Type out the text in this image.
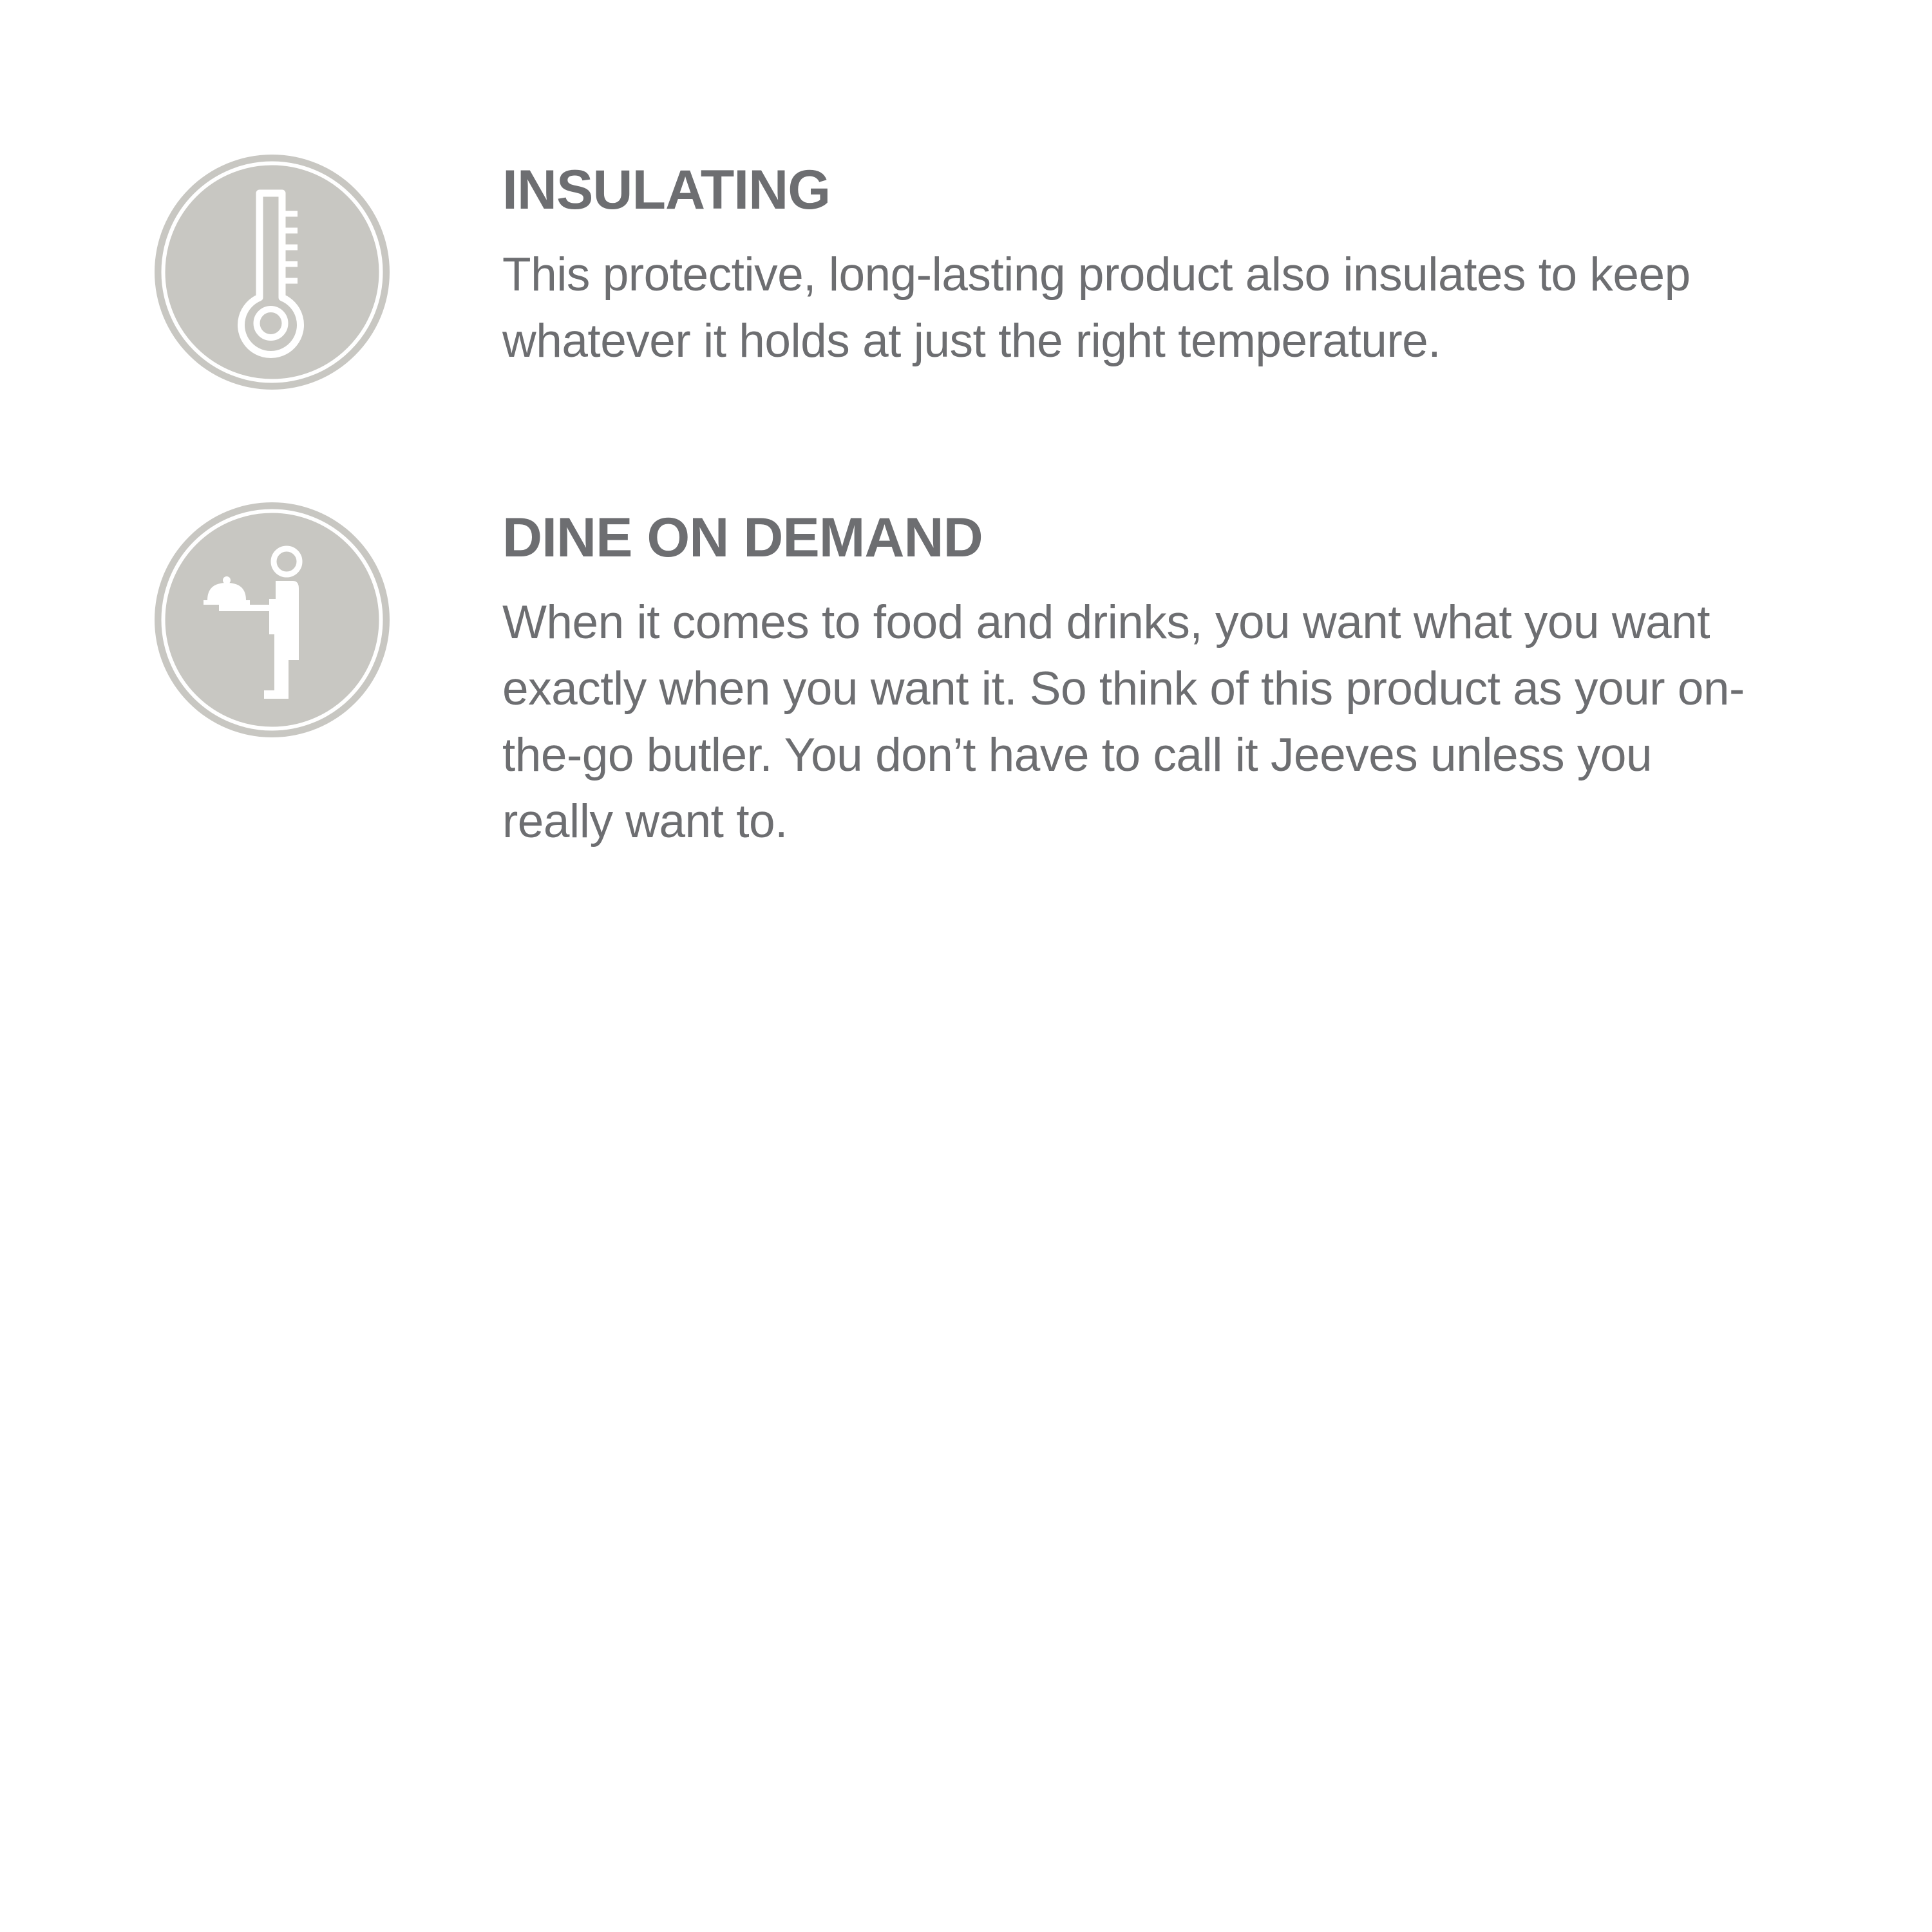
INSULATING

This protective, long-lasting product also insulates to keep whatever it holds at just the right temperature.

DINE ON DEMAND

When it comes to food and drinks, you want what you want exactly when you want it. So think of this product as your on-the-go butler. You don’t have to call it Jeeves unless you really want to.
